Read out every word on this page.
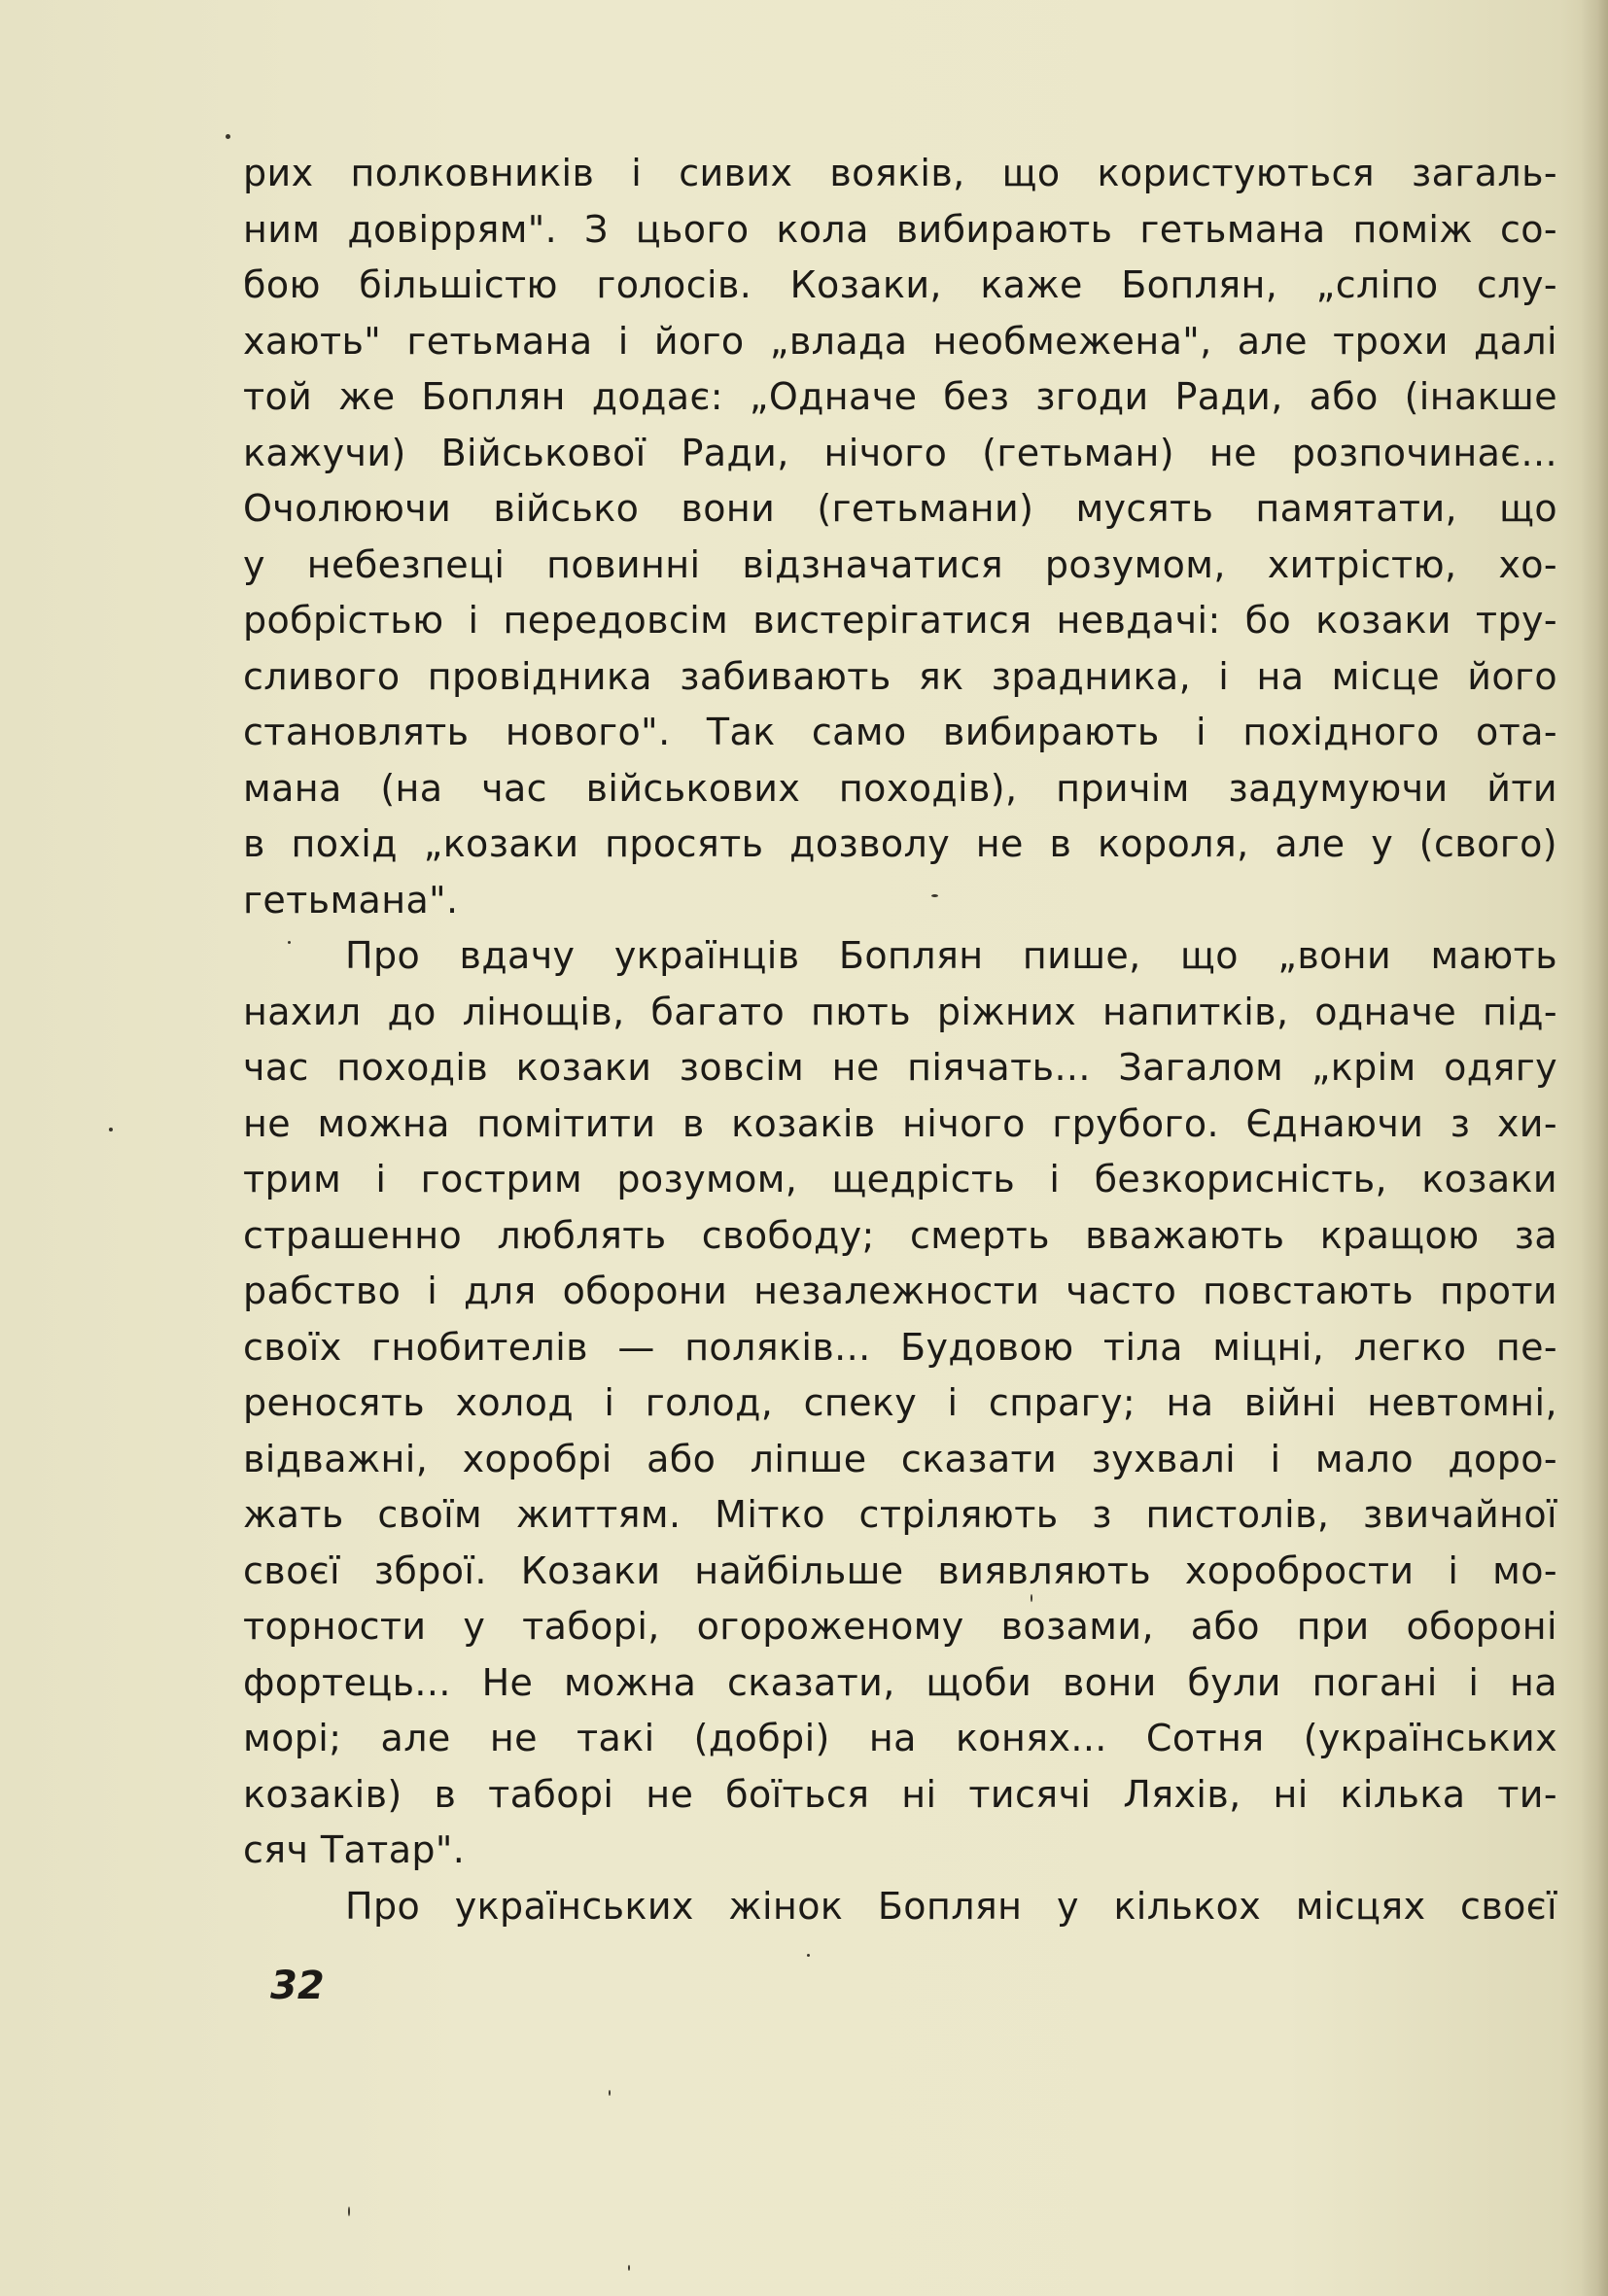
рих полковників і сивих вояків, що користуються загаль-
ним довіррям". З цього кола вибирають гетьмана поміж со-
бою більшістю голосів. Козаки, каже Боплян, „сліпо слу-
хають" гетьмана і його „влада необмежена", але трохи далі
той же Боплян додає: „Одначе без згоди Ради, або (інакше
кажучи) Військової Ради, нічого (гетьман) не розпочинає...
Очолюючи військо вони (гетьмани) мусять памятати, що
у небезпеці повинні відзначатися розумом, хитрістю, хо-
робрістью і передовсім вистерігатися невдачі: бо козаки тру-
сливого провідника забивають як зрадника, і на місце його
становлять нового". Так само вибирають і похідного ота-
мана (на час військових походів), причім задумуючи йти
в похід „козаки просять дозволу не в короля, але у (свого)
гетьмана".
Про вдачу українців Боплян пише, що „вони мають
нахил до лінощів, багато пють ріжних напитків, одначе під-
час походів козаки зовсім не піячать... Загалом „крім одягу
не можна помітити в козаків нічого грубого. Єднаючи з хи-
трим і гострим розумом, щедрість і безкорисність, козаки
страшенно люблять свободу; смерть вважають кращою за
рабство і для оборони незалежности часто повстають проти
своїх гнобителів — поляків... Будовою тіла міцні, легко пе-
реносять холод і голод, спеку і спрагу; на війні невтомні,
відважні, хоробрі або ліпше сказати зухвалі і мало доро-
жать своїм життям. Мітко стріляють з пистолів, звичайної
своєї зброї. Козаки найбільше виявляють хоробрости і мо-
торности у таборі, огороженому возами, або при обороні
фортець... Не можна сказати, щоби вони були погані і на
морі; але не такі (добрі) на конях... Сотня (українських
козаків) в таборі не боїться ні тисячі Ляхів, ні кілька ти-
сяч Татар".
Про українських жінок Боплян у кількох місцях своєї
32
